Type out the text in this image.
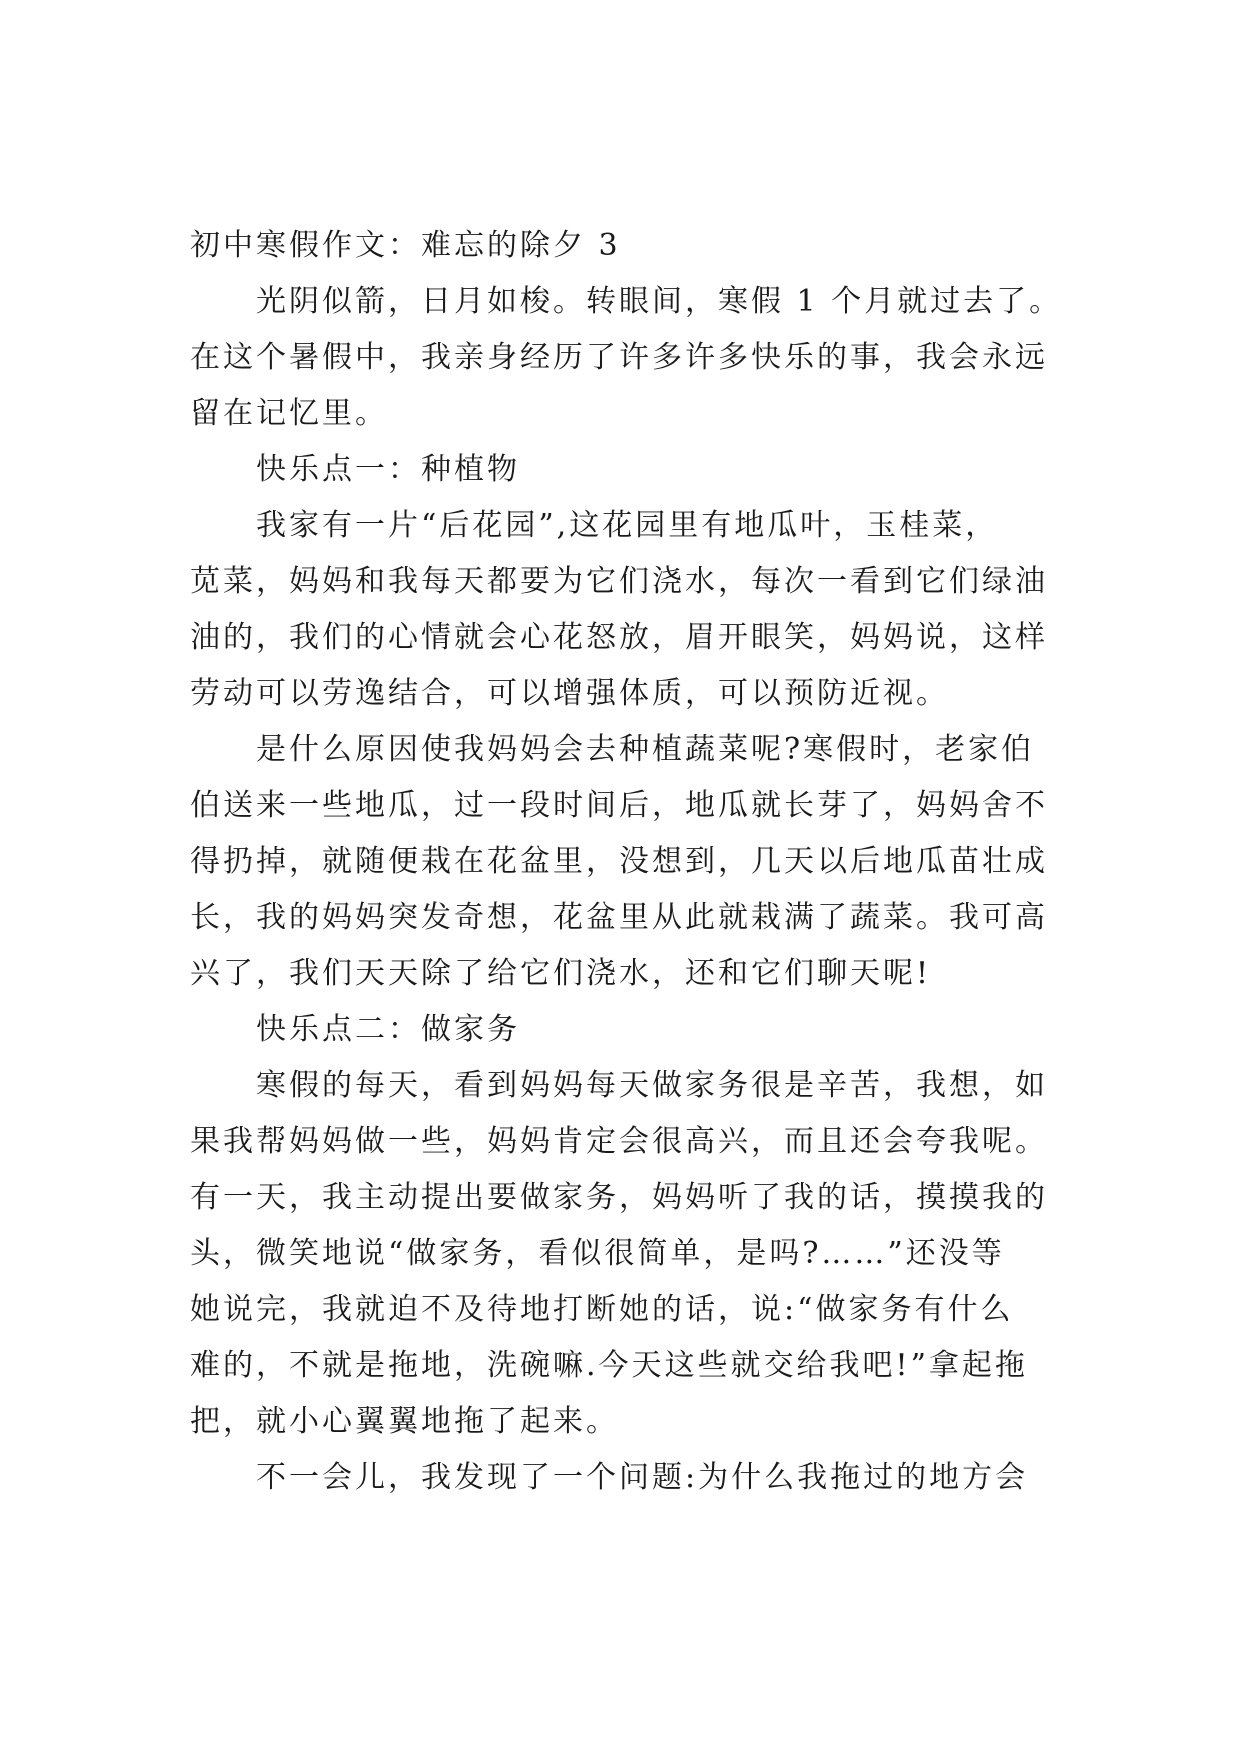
初中寒假作文：难忘的除夕 3
光阴似箭，日月如梭。转眼间，寒假 1 个月就过去了。
在这个暑假中，我亲身经历了许多许多快乐的事，我会永远
留在记忆里。
快乐点一：种植物
我家有一片“后花园”,这花园里有地瓜叶，玉桂菜，
苋菜，妈妈和我每天都要为它们浇水，每次一看到它们绿油
油的，我们的心情就会心花怒放，眉开眼笑，妈妈说，这样
劳动可以劳逸结合，可以增强体质，可以预防近视。
是什么原因使我妈妈会去种植蔬菜呢?寒假时，老家伯
伯送来一些地瓜，过一段时间后，地瓜就长芽了，妈妈舍不
得扔掉，就随便栽在花盆里，没想到，几天以后地瓜苗壮成
长，我的妈妈突发奇想，花盆里从此就栽满了蔬菜。我可高
兴了，我们天天除了给它们浇水，还和它们聊天呢!
快乐点二：做家务
寒假的每天，看到妈妈每天做家务很是辛苦，我想，如
果我帮妈妈做一些，妈妈肯定会很高兴，而且还会夸我呢。
有一天，我主动提出要做家务，妈妈听了我的话，摸摸我的
头，微笑地说“做家务，看似很简单，是吗?……”还没等
她说完，我就迫不及待地打断她的话，说:“做家务有什么
难的，不就是拖地，洗碗嘛.今天这些就交给我吧!”拿起拖
把，就小心翼翼地拖了起来。
不一会儿，我发现了一个问题:为什么我拖过的地方会
